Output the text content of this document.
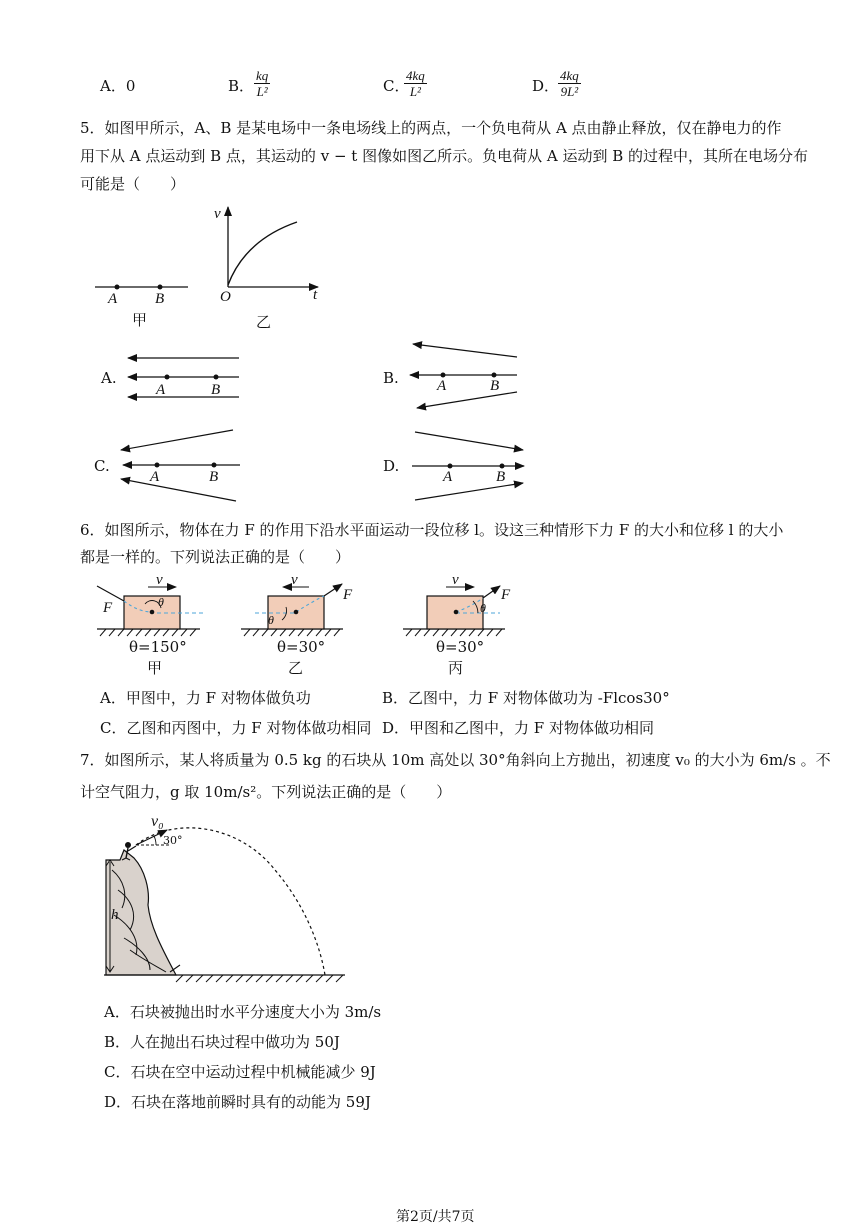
A．0	B． $\frac{kq}{\text{L²}}$	C．
$\frac{4kq}{\text{L²}}$	D．
$\frac{4kq}{\text{9L²}}$
5．如图甲所示，A、B 是某电场中一条电场线上的两点，一个负电荷从 A 点由静止释放，仅在静电力的作
用下从 A 点运动到 B 点，其运动的 v − t 图像如图乙所示。负电荷从 A 运动到 B 的过程中，其所在电场分布
可能是（　　）
A	B
甲
v
t
O
乙
A.
A	B
B.	A	B
C.
A	B
D.
A	B
6．如图所示，物体在力 F 的作用下沿水平面运动一段位移 l。设这三种情形下力 F 的大小和位移 l 的大小
都是一样的。下列说法正确的是（　　）
v
F	θ
θ=150°
甲
v
F
θ
θ=30°
乙
v
F
θ
θ=30°
丙
A．甲图中，力 F 对物体做负功	B．乙图中，力 F 对物体做功为 -Flcos30°
C．乙图和丙图中，力 F 对物体做功相同 D．甲图和乙图中，力 F 对物体做功相同
7．如图所示，某人将质量为 0.5 kg 的石块从 10m 高处以 30°角斜向上方抛出，初速度 v₀ 的大小为 6m/s 。不
计空气阻力，g 取 10m/s²。下列说法正确的是（　　）
v₀
30°
h
A．石块被抛出时水平分速度大小为 3m/s
B．人在抛出石块过程中做功为 50J
C．石块在空中运动过程中机械能减少 9J
D．石块在落地前瞬时具有的动能为 59J
第2页/共7页
